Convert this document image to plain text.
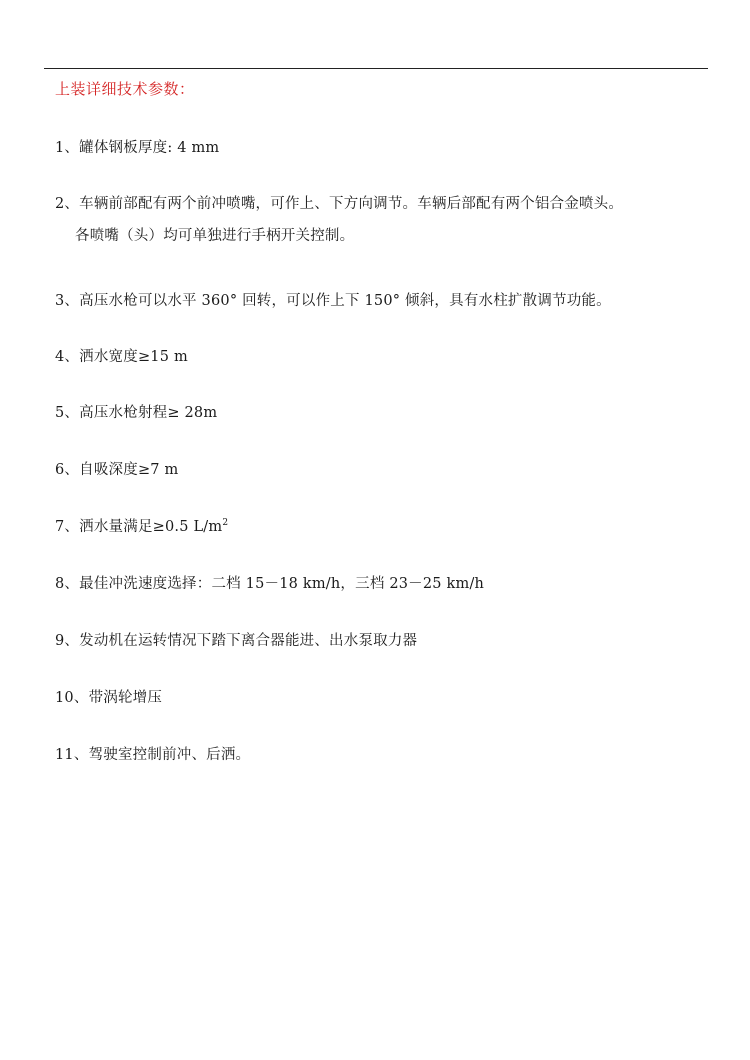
上装详细技术参数：
1、罐体钢板厚度: 4 mm
2、车辆前部配有两个前冲喷嘴，可作上、下方向调节。车辆后部配有两个铝合金喷头。
各喷嘴（头）均可单独进行手柄开关控制。
3、高压水枪可以水平 360° 回转，可以作上下 150° 倾斜，具有水柱扩散调节功能。
4、洒水宽度≥15 m
5、高压水枪射程≥ 28m
6、自吸深度≥7 m
7、洒水量满足≥0.5 $L/m^2$
8、最佳冲洗速度选择：二档 15－18 km/h，三档 23－25 km/h
9、发动机在运转情况下踏下离合器能进、出水泵取力器
10、带涡轮增压
11、驾驶室控制前冲、后洒。
